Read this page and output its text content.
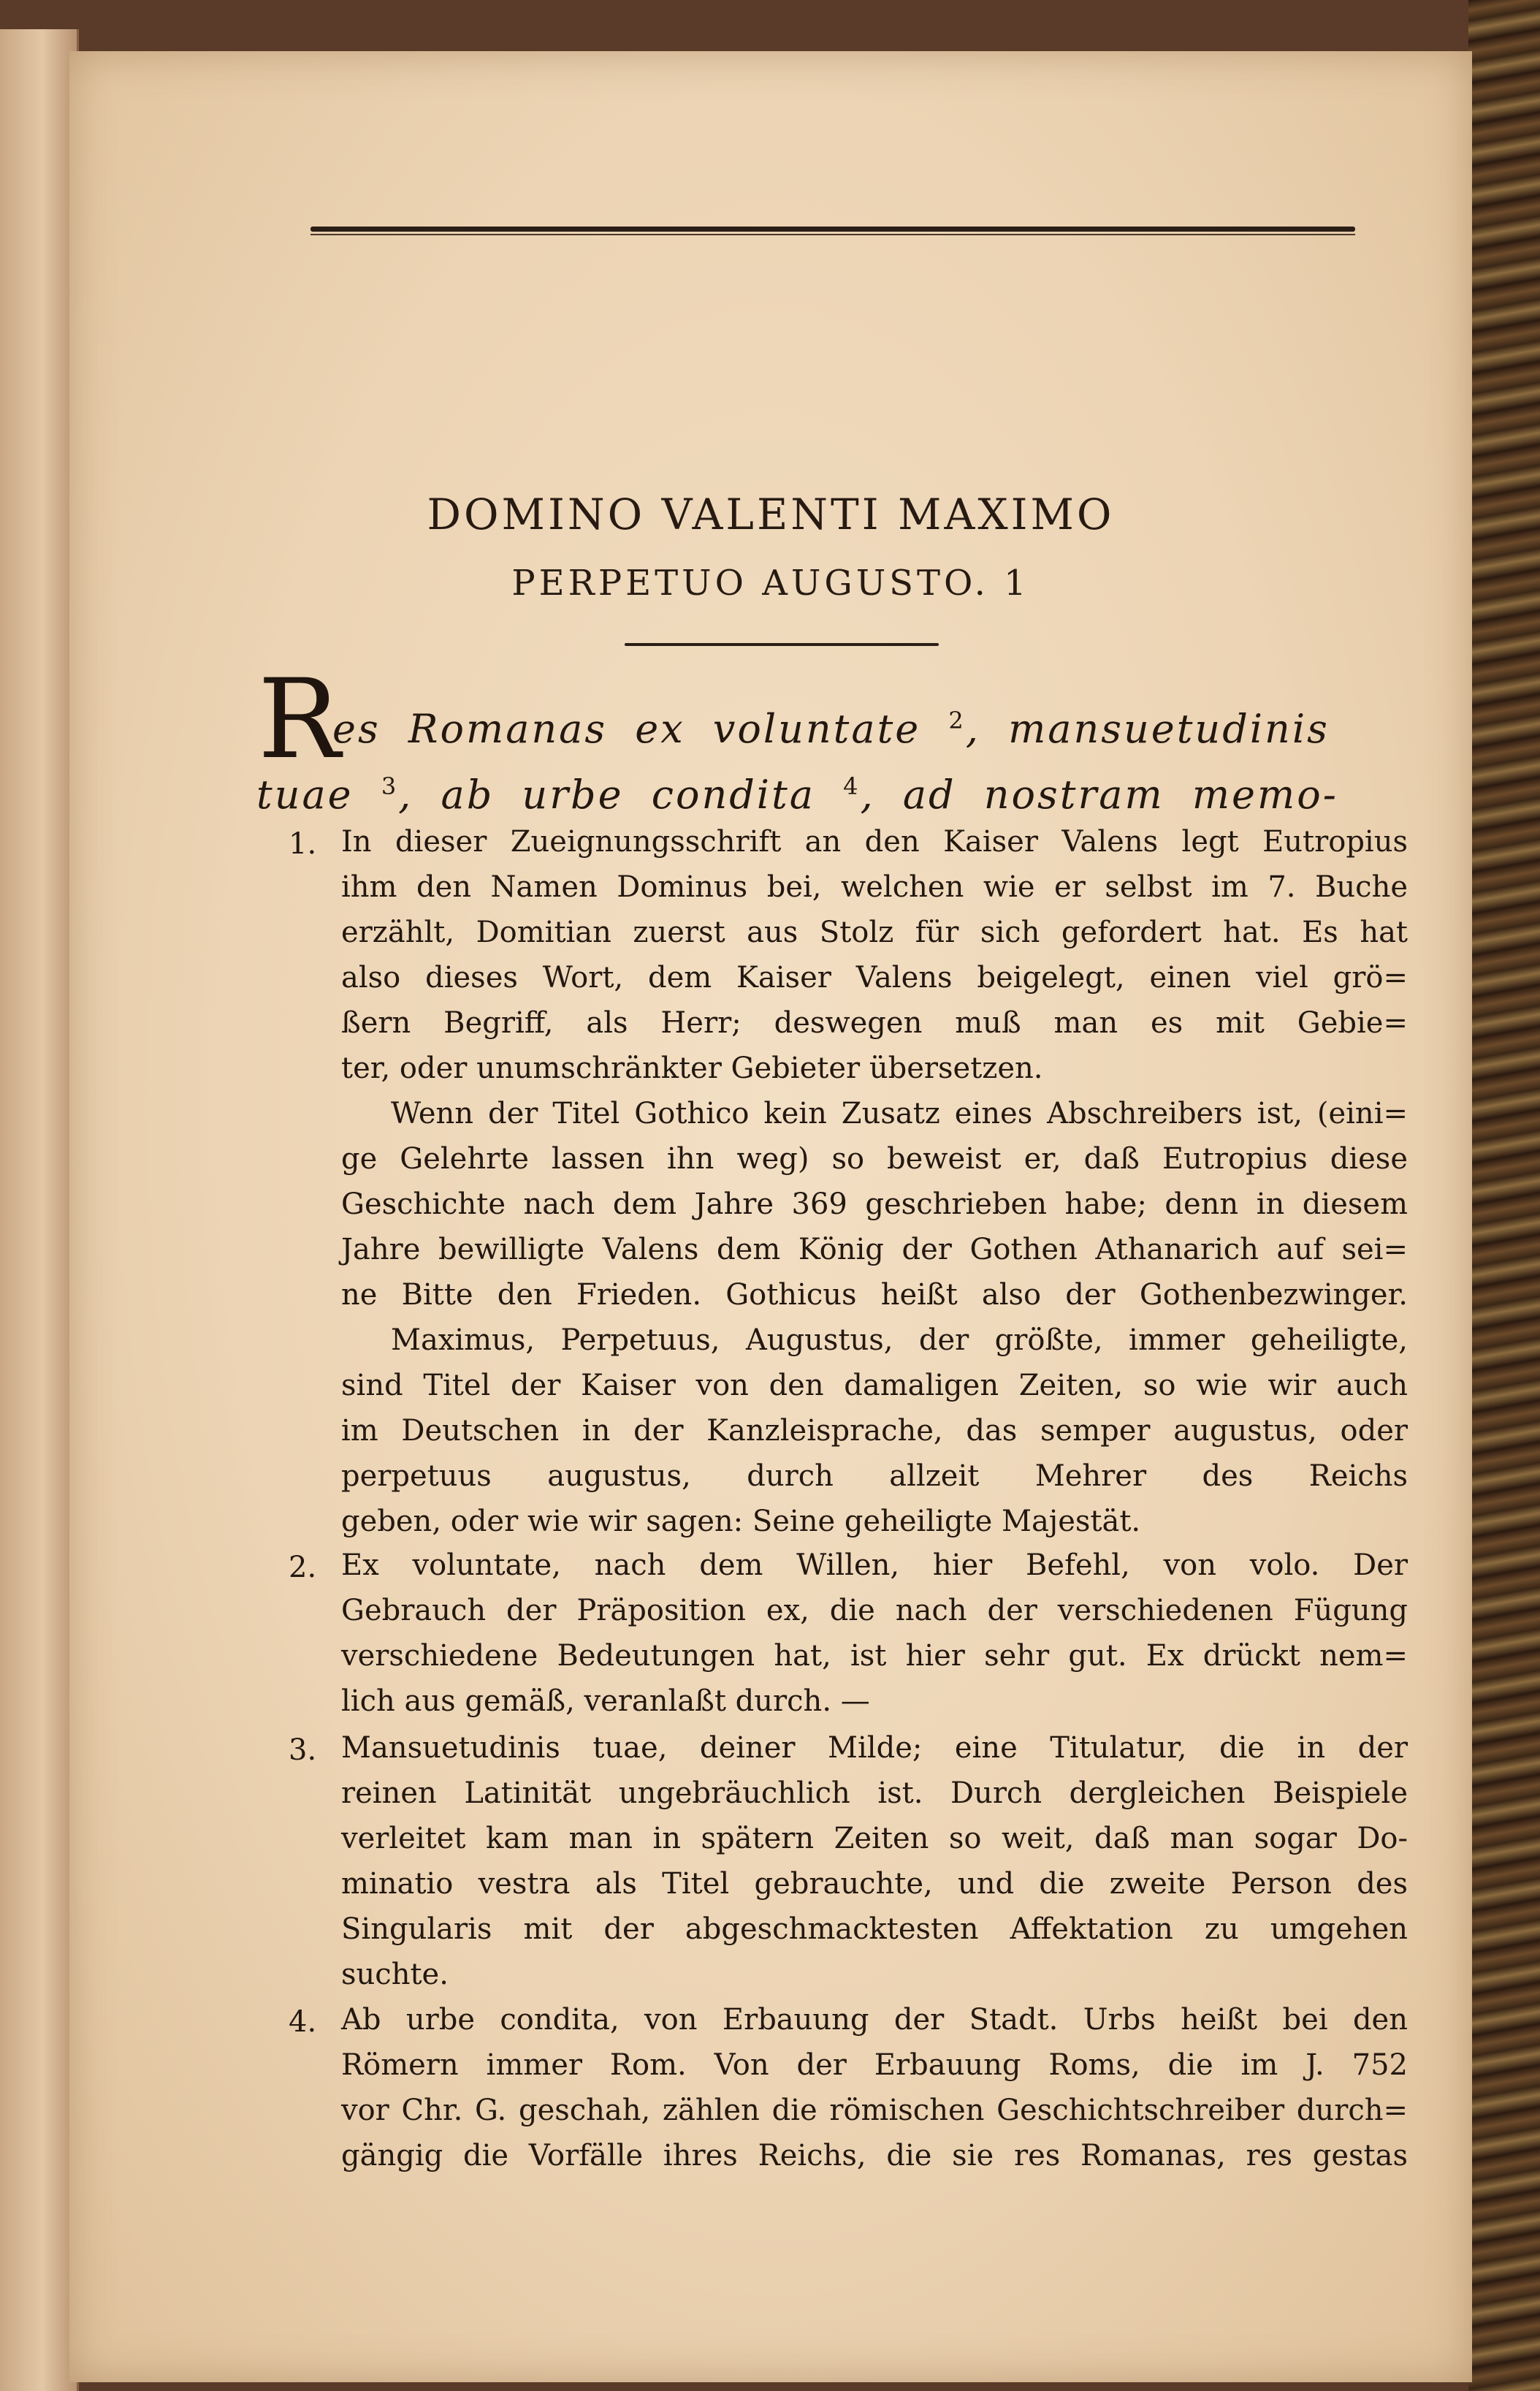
DOMINO VALENTI MAXIMO
PERPETUO AUGUSTO. 1
R
es Romanas ex voluntate $^2$, mansuetudinis
tuae $^3$, ab urbe condita $^4$, ad nostram memo-
1.
2.
3.
4.
In dieser Zueignungsschrift an den Kaiser Valens legt Eutropius
ihm den Namen Dominus bei, welchen wie er selbst im 7. Buche
erzählt, Domitian zuerst aus Stolz für sich gefordert hat. Es hat
also dieses Wort, dem Kaiser Valens beigelegt, einen viel grö=
ßern Begriff, als Herr; deswegen muß man es mit Gebie=
ter, oder unumschränkter Gebieter übersetzen.
Wenn der Titel Gothico kein Zusatz eines Abschreibers ist, (eini=
ge Gelehrte lassen ihn weg) so beweist er, daß Eutropius diese
Geschichte nach dem Jahre 369 geschrieben habe; denn in diesem
Jahre bewilligte Valens dem König der Gothen Athanarich auf sei=
ne Bitte den Frieden. Gothicus heißt also der Gothenbezwinger.
Maximus, Perpetuus, Augustus, der größte, immer geheiligte,
sind Titel der Kaiser von den damaligen Zeiten, so wie wir auch
im Deutschen in der Kanzleisprache, das semper augustus, oder
perpetuus augustus, durch allzeit Mehrer des Reichs
geben, oder wie wir sagen: Seine geheiligte Majestät.
Ex voluntate, nach dem Willen, hier Befehl, von volo. Der
Gebrauch der Präposition ex, die nach der verschiedenen Fügung
verschiedene Bedeutungen hat, ist hier sehr gut. Ex drückt nem=
lich aus gemäß, veranlaßt durch. —
Mansuetudinis tuae, deiner Milde; eine Titulatur, die in der
reinen Latinität ungebräuchlich ist. Durch dergleichen Beispiele
verleitet kam man in spätern Zeiten so weit, daß man sogar Do-
minatio vestra als Titel gebrauchte, und die zweite Person des
Singularis mit der abgeschmacktesten Affektation zu umgehen
suchte.
Ab urbe condita, von Erbauung der Stadt. Urbs heißt bei den
Römern immer Rom. Von der Erbauung Roms, die im J. 752
vor Chr. G. geschah, zählen die römischen Geschichtschreiber durch=
gängig die Vorfälle ihres Reichs, die sie res Romanas, res gestas
